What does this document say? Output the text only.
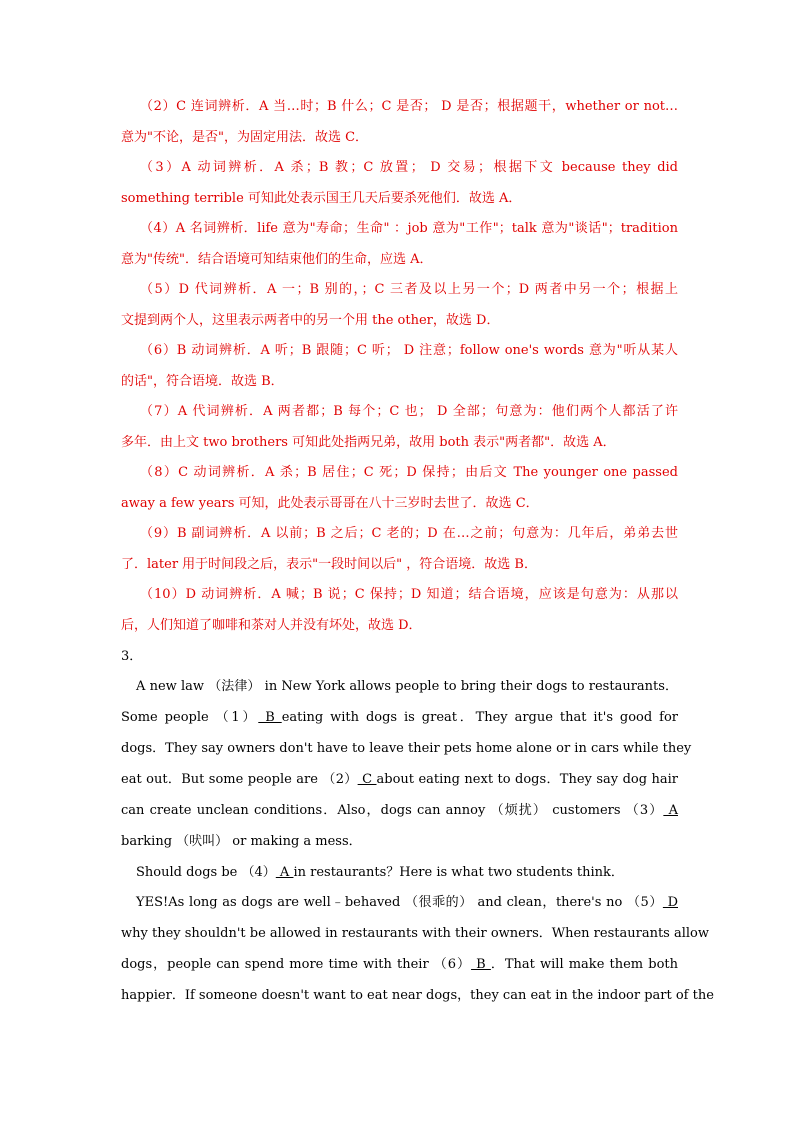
（2）C 连词辨析．A 当…时；B 什么；C 是否； D 是否；根据题干，whether or not…
意为"不论，是否"，为固定用法．故选 C．
（3）A 动词辨析．A 杀；B 教；C 放置； D 交易；根据下文 because they did
something terrible 可知此处表示国王几天后要杀死他们．故选 A．
（4）A 名词辨析．life 意为"寿命；生命" ：job 意为"工作"；talk 意为"谈话"；tradition
意为"传统"．结合语境可知结束他们的生命，应选 A．
（5）D 代词辨析．A 一；B 别的，；C 三者及以上另一个；D 两者中另一个；根据上
文提到两个人，这里表示两者中的另一个用 the other，故选 D．
（6）B 动词辨析．A 听；B 跟随；C 听； D 注意；follow one's words 意为"听从某人
的话"，符合语境．故选 B．
（7）A 代词辨析．A 两者都；B 每个；C 也； D 全部；句意为：他们两个人都活了许
多年．由上文 two brothers 可知此处指两兄弟，故用 both 表示"两者都"．故选 A．
（8）C 动词辨析．A 杀；B 居住；C 死；D 保持；由后文 The younger one passed
away a few years 可知，此处表示哥哥在八十三岁时去世了．故选 C．
（9）B 副词辨析．A 以前；B 之后；C 老的；D 在…之前；句意为：几年后，弟弟去世
了．later 用于时间段之后，表示"一段时间以后" ，符合语境．故选 B．
（10）D 动词辨析．A 喊；B 说；C 保持；D 知道；结合语境，应该是句意为：从那以
后，人们知道了咖啡和茶对人并没有坏处，故选 D．
3．
A new law （法律） in New York allows people to bring their dogs to restaurants．
Some people （1） B eating with dogs is great．They argue that it's good for
dogs．They say owners don't have to leave their pets home alone or in cars while they
eat out．But some people are （2） C about eating next to dogs．They say dog hair
can create unclean conditions．Also，dogs can annoy （烦扰） customers （3） A
barking （吠叫） or making a mess．
Should dogs be （4） A in restaurants？Here is what two students think．
YES!As long as dogs are well﹣behaved （很乖的） and clean，there's no （5） D
why they shouldn't be allowed in restaurants with their owners．When restaurants allow
dogs，people can spend more time with their （6） B ．That will make them both
happier．If someone doesn't want to eat near dogs，they can eat in the indoor part of the
